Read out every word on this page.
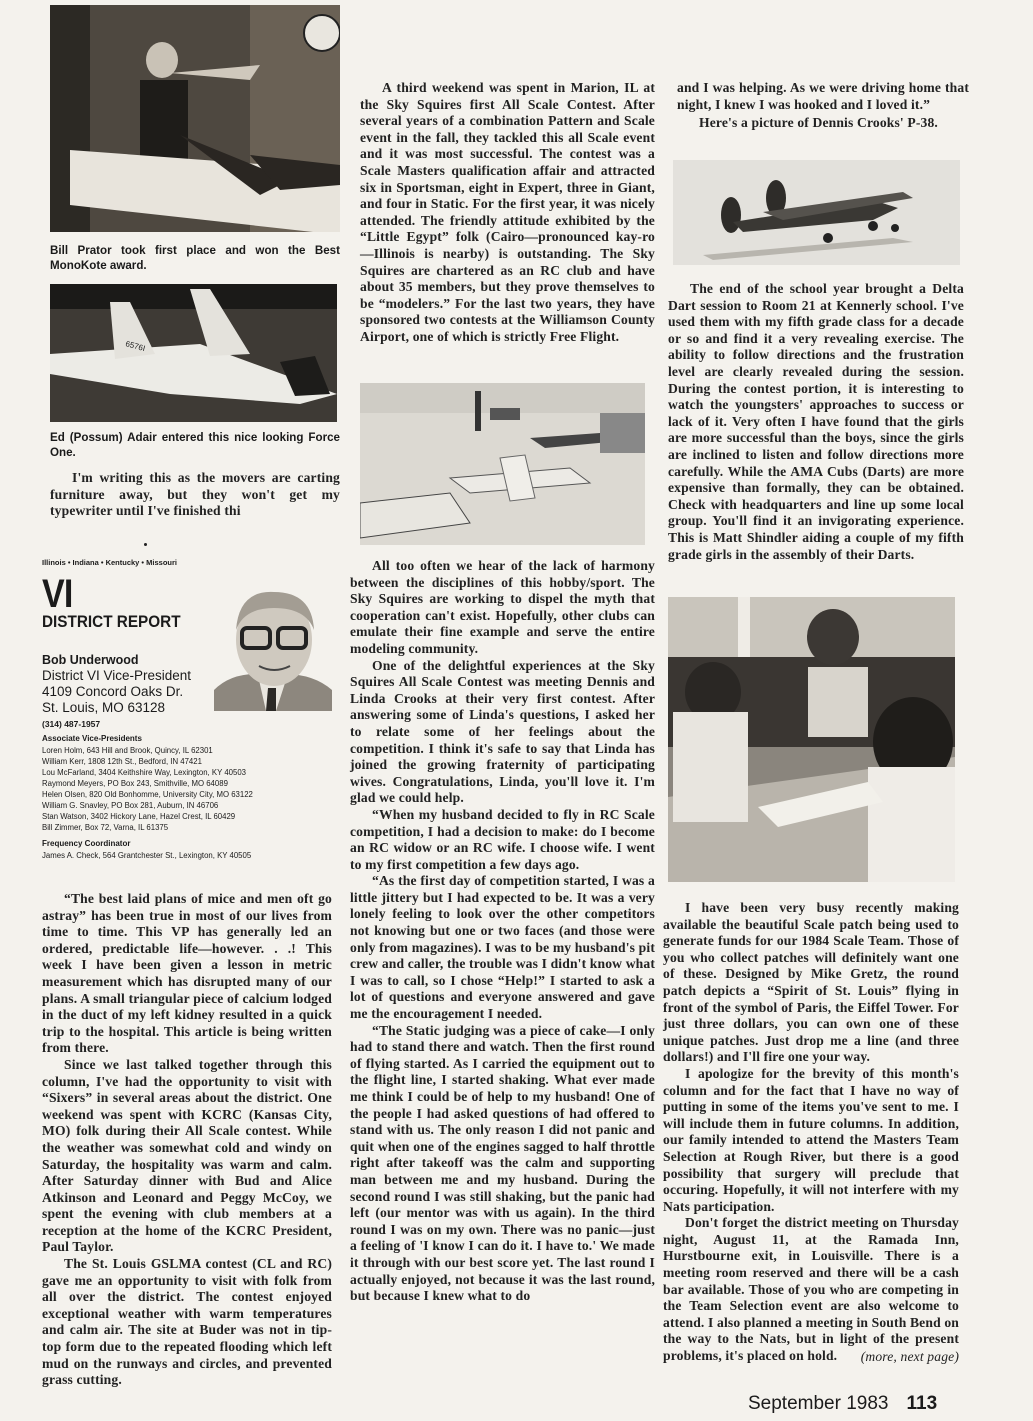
Bill Prator took first place and won the Best MonoKote award.
6576I
Ed (Possum) Adair entered this nice looking Force One.

I'm writing this as the movers are carting furniture away, but they won't get my typewriter until I've finished thi

Illinois • Indiana • Kentucky • Missouri
VI
DISTRICT REPORT
Bob Underwood
District VI Vice-President
4109 Concord Oaks Dr.
St. Louis, MO 63128
(314) 487-1957
Associate Vice-Presidents
Loren Holm, 643 Hill and Brook, Quincy, IL 62301
William Kerr, 1808 12th St., Bedford, IN 47421
Lou McFarland, 3404 Keithshire Way, Lexington, KY 40503
Raymond Meyers, PO Box 243, Smithville, MO 64089
Helen Olsen, 820 Old Bonhomme, University City, MO 63122
William G. Snavley, PO Box 281, Auburn, IN 46706
Stan Watson, 3402 Hickory Lane, Hazel Crest, IL 60429
Bill Zimmer, Box 72, Varna, IL 61375
Frequency Coordinator
James A. Check, 564 Grantchester St., Lexington, KY 40505

“The best laid plans of mice and men oft go astray” has been true in most of our lives from time to time. This VP has generally led an ordered, predictable life—however. . .! This week I have been given a lesson in metric measurement which has disrupted many of our plans. A small triangular piece of calcium lodged in the duct of my left kidney resulted in a quick trip to the hospital. This article is being written from there.

Since we last talked together through this column, I've had the opportunity to visit with “Sixers” in several areas about the district. One weekend was spent with KCRC (Kansas City, MO) folk during their All Scale contest. While the weather was somewhat cold and windy on Saturday, the hospitality was warm and calm. After Saturday dinner with Bud and Alice Atkinson and Leonard and Peggy McCoy, we spent the evening with club members at a reception at the home of the KCRC President, Paul Taylor.

The St. Louis GSLMA contest (CL and RC) gave me an opportunity to visit with folk from all over the district. The contest enjoyed exceptional weather with warm temperatures and calm air. The site at Buder was not in tip-top form due to the repeated flooding which left mud on the runways and circles, and prevented grass cutting.

A third weekend was spent in Marion, IL at the Sky Squires first All Scale Contest. After several years of a combination Pattern and Scale event in the fall, they tackled this all Scale event and it was most successful. The contest was a Scale Masters qualification affair and attracted six in Sportsman, eight in Expert, three in Giant, and four in Static. For the first year, it was nicely attended. The friendly attitude exhibited by the “Little Egypt” folk (Cairo—pronounced kay-ro—Illinois is nearby) is outstanding. The Sky Squires are chartered as an RC club and have about 35 members, but they prove themselves to be “modelers.” For the last two years, they have sponsored two contests at the Williamson County Airport, one of which is strictly Free Flight.

All too often we hear of the lack of harmony between the disciplines of this hobby/sport. The Sky Squires are working to dispel the myth that cooperation can't exist. Hopefully, other clubs can emulate their fine example and serve the entire modeling community.

One of the delightful experiences at the Sky Squires All Scale Contest was meeting Dennis and Linda Crooks at their very first contest. After answering some of Linda's questions, I asked her to relate some of her feelings about the competition. I think it's safe to say that Linda has joined the growing fraternity of participating wives. Congratulations, Linda, you'll love it. I'm glad we could help.

“When my husband decided to fly in RC Scale competition, I had a decision to make: do I become an RC widow or an RC wife. I choose wife. I went to my first competition a few days ago.

“As the first day of competition started, I was a little jittery but I had expected to be. It was a very lonely feeling to look over the other competitors not knowing but one or two faces (and those were only from magazines). I was to be my husband's pit crew and caller, the trouble was I didn't know what I was to call, so I chose “Help!” I started to ask a lot of questions and everyone answered and gave me the encouragement I needed.

“The Static judging was a piece of cake—I only had to stand there and watch. Then the first round of flying started. As I carried the equipment out to the flight line, I started shaking. What ever made me think I could be of help to my husband! One of the people I had asked questions of had offered to stand with us. The only reason I did not panic and quit when one of the engines sagged to half throttle right after takeoff was the calm and supporting man between me and my husband. During the second round I was still shaking, but the panic had left (our mentor was with us again). In the third round I was on my own. There was no panic—just a feeling of 'I know I can do it. I have to.' We made it through with our best score yet. The last round I actually enjoyed, not because it was the last round, but because I knew what to do

and I was helping. As we were driving home that night, I knew I was hooked and I loved it.”

Here's a picture of Dennis Crooks' P-38.

The end of the school year brought a Delta Dart session to Room 21 at Kennerly school. I've used them with my fifth grade class for a decade or so and find it a very revealing exercise. The ability to follow directions and the frustration level are clearly revealed during the session. During the contest portion, it is interesting to watch the youngsters' approaches to success or lack of it. Very often I have found that the girls are more successful than the boys, since the girls are inclined to listen and follow directions more carefully. While the AMA Cubs (Darts) are more expensive than formally, they can be obtained. Check with headquarters and line up some local group. You'll find it an invigorating experience. This is Matt Shindler aiding a couple of my fifth grade girls in the assembly of their Darts.

I have been very busy recently making available the beautiful Scale patch being used to generate funds for our 1984 Scale Team. Those of you who collect patches will definitely want one of these. Designed by Mike Gretz, the round patch depicts a “Spirit of St. Louis” flying in front of the symbol of Paris, the Eiffel Tower. For just three dollars, you can own one of these unique patches. Just drop me a line (and three dollars!) and I'll fire one your way.

I apologize for the brevity of this month's column and for the fact that I have no way of putting in some of the items you've sent to me. I will include them in future columns. In addition, our family intended to attend the Masters Team Selection at Rough River, but there is a good possibility that surgery will preclude that occuring. Hopefully, it will not interfere with my Nats participation.

Don't forget the district meeting on Thursday night, August 11, at the Ramada Inn, Hurstbourne exit, in Louisville. There is a meeting room reserved and there will be a cash bar available. Those of you who are competing in the Team Selection event are also welcome to attend. I also planned a meeting in South Bend on the way to the Nats, but in light of the present problems, it's placed on hold.	(more, next page)
September 1983 113
